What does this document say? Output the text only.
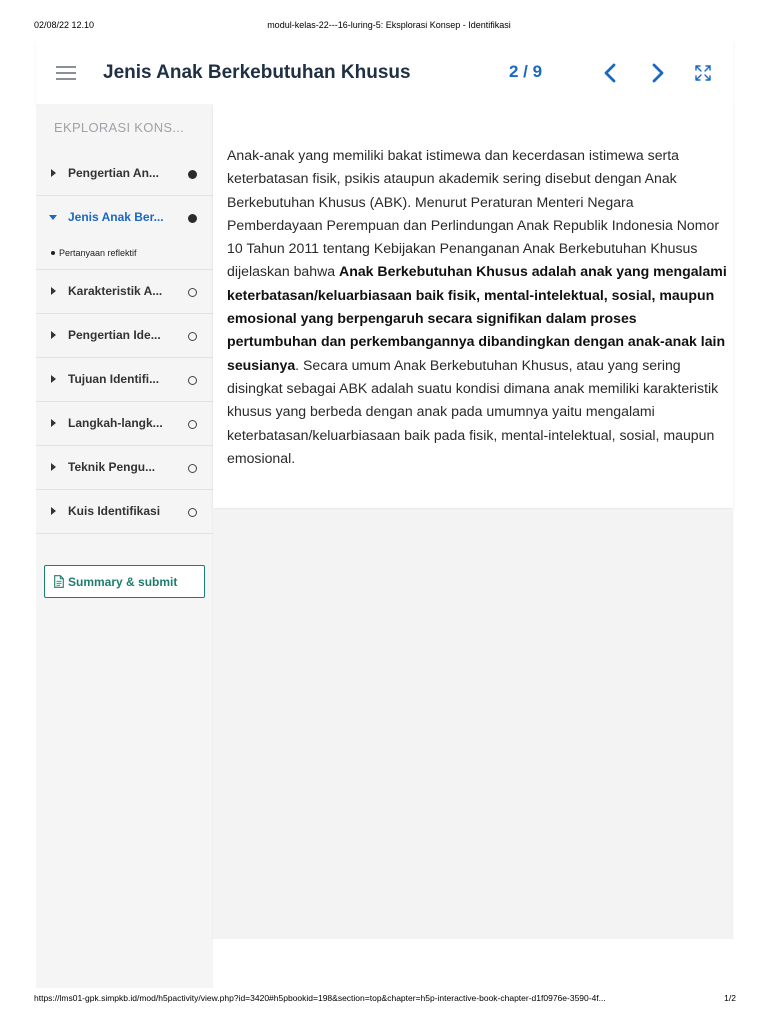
02/08/22 12.10	modul-kelas-22---16-luring-5: Eksplorasi Konsep - Identifikasi
Jenis Anak Berkebutuhan Khusus	2 / 9
EKPLORASI KONS...
Pengertian An...
Jenis Anak Ber...
Pertanyaan reflektif
Karakteristik A...
Pengertian Ide...
Tujuan Identifi...
Langkah-langk...
Teknik Pengu...
Kuis Identifikasi
Summary & submit

Anak-anak yang memiliki bakat istimewa dan kecerdasan istimewa serta keterbatasan fisik, psikis ataupun akademik sering disebut dengan Anak Berkebutuhan Khusus (ABK). Menurut Peraturan Menteri Negara Pemberdayaan Perempuan dan Perlindungan Anak Republik Indonesia Nomor 10 Tahun 2011 tentang Kebijakan Penanganan Anak Berkebutuhan Khusus dijelaskan bahwa Anak Berkebutuhan Khusus adalah anak yang mengalami keterbatasan/keluarbiasaan baik fisik, mental-intelektual, sosial, maupun emosional yang berpengaruh secara signifikan dalam proses pertumbuhan dan perkembangannya dibandingkan dengan anak-anak lain seusianya. Secara umum Anak Berkebutuhan Khusus, atau yang sering disingkat sebagai ABK adalah suatu kondisi dimana anak memiliki karakteristik khusus yang berbeda dengan anak pada umumnya yaitu mengalami keterbatasan/keluarbiasaan baik pada fisik, mental-intelektual, sosial, maupun emosional.

https://lms01-gpk.simpkb.id/mod/h5pactivity/view.php?id=3420#h5pbookid=198&section=top&chapter=h5p-interactive-book-chapter-d1f0976e-3590-4f...	1/2
